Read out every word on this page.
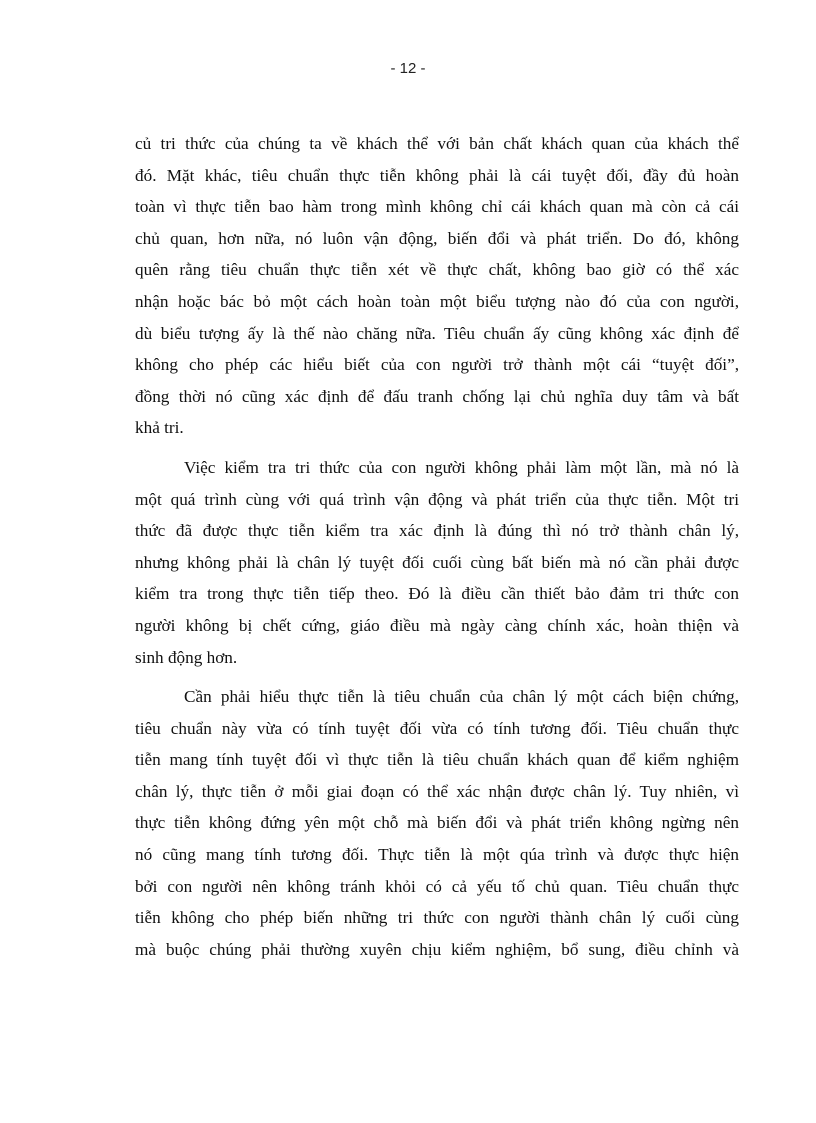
- 12 -
củ tri thức của chúng ta về khách thể với bản chất khách quan của khách thể
đó. Mặt khác, tiêu chuẩn thực tiễn không phải là cái tuyệt đối, đầy đủ hoàn
toàn vì thực tiễn bao hàm trong mình không chỉ cái khách quan mà còn cả cái
chủ quan, hơn nữa, nó luôn vận động, biến đổi và phát triển. Do đó, không
quên rằng tiêu chuẩn thực tiễn xét về thực chất, không bao giờ có thể xác
nhận hoặc bác bỏ một cách hoàn toàn một biểu tượng nào đó của con người,
dù biểu tượng ấy là thế nào chăng nữa. Tiêu chuẩn ấy cũng không xác định để
không cho phép các hiểu biết của con người trở thành một cái “tuyệt đối”,
đồng thời nó cũng xác định để đấu tranh chống lại chủ nghĩa duy tâm và bất
khả tri.
Việc kiểm tra tri thức của con người không phải làm một lần, mà nó là
một quá trình cùng với quá trình vận động và phát triển của thực tiễn. Một tri
thức đã được thực tiễn kiểm tra xác định là đúng thì nó trở thành chân lý,
nhưng không phải là chân lý tuyệt đối cuối cùng bất biến mà nó cần phải được
kiểm tra trong thực tiễn tiếp theo. Đó là điều cần thiết bảo đảm tri thức con
người không bị chết cứng, giáo điều mà ngày càng chính xác, hoàn thiện và
sinh động hơn.
Cần phải hiểu thực tiễn là tiêu chuẩn của chân lý một cách biện chứng,
tiêu chuẩn này vừa có tính tuyệt đối vừa có tính tương đối. Tiêu chuẩn thực
tiễn mang tính tuyệt đối vì thực tiễn là tiêu chuẩn khách quan để kiểm nghiệm
chân lý, thực tiễn ở mỗi giai đoạn có thể xác nhận được chân lý. Tuy nhiên, vì
thực tiễn không đứng yên một chỗ mà biến đổi và phát triển không ngừng nên
nó cũng mang tính tương đối. Thực tiễn là một qúa trình và được thực hiện
bởi con người nên không tránh khỏi có cả yếu tố chủ quan. Tiêu chuẩn thực
tiễn không cho phép biến những tri thức con người thành chân lý cuối cùng
mà buộc chúng phải thường xuyên chịu kiểm nghiệm, bổ sung, điều chỉnh và
